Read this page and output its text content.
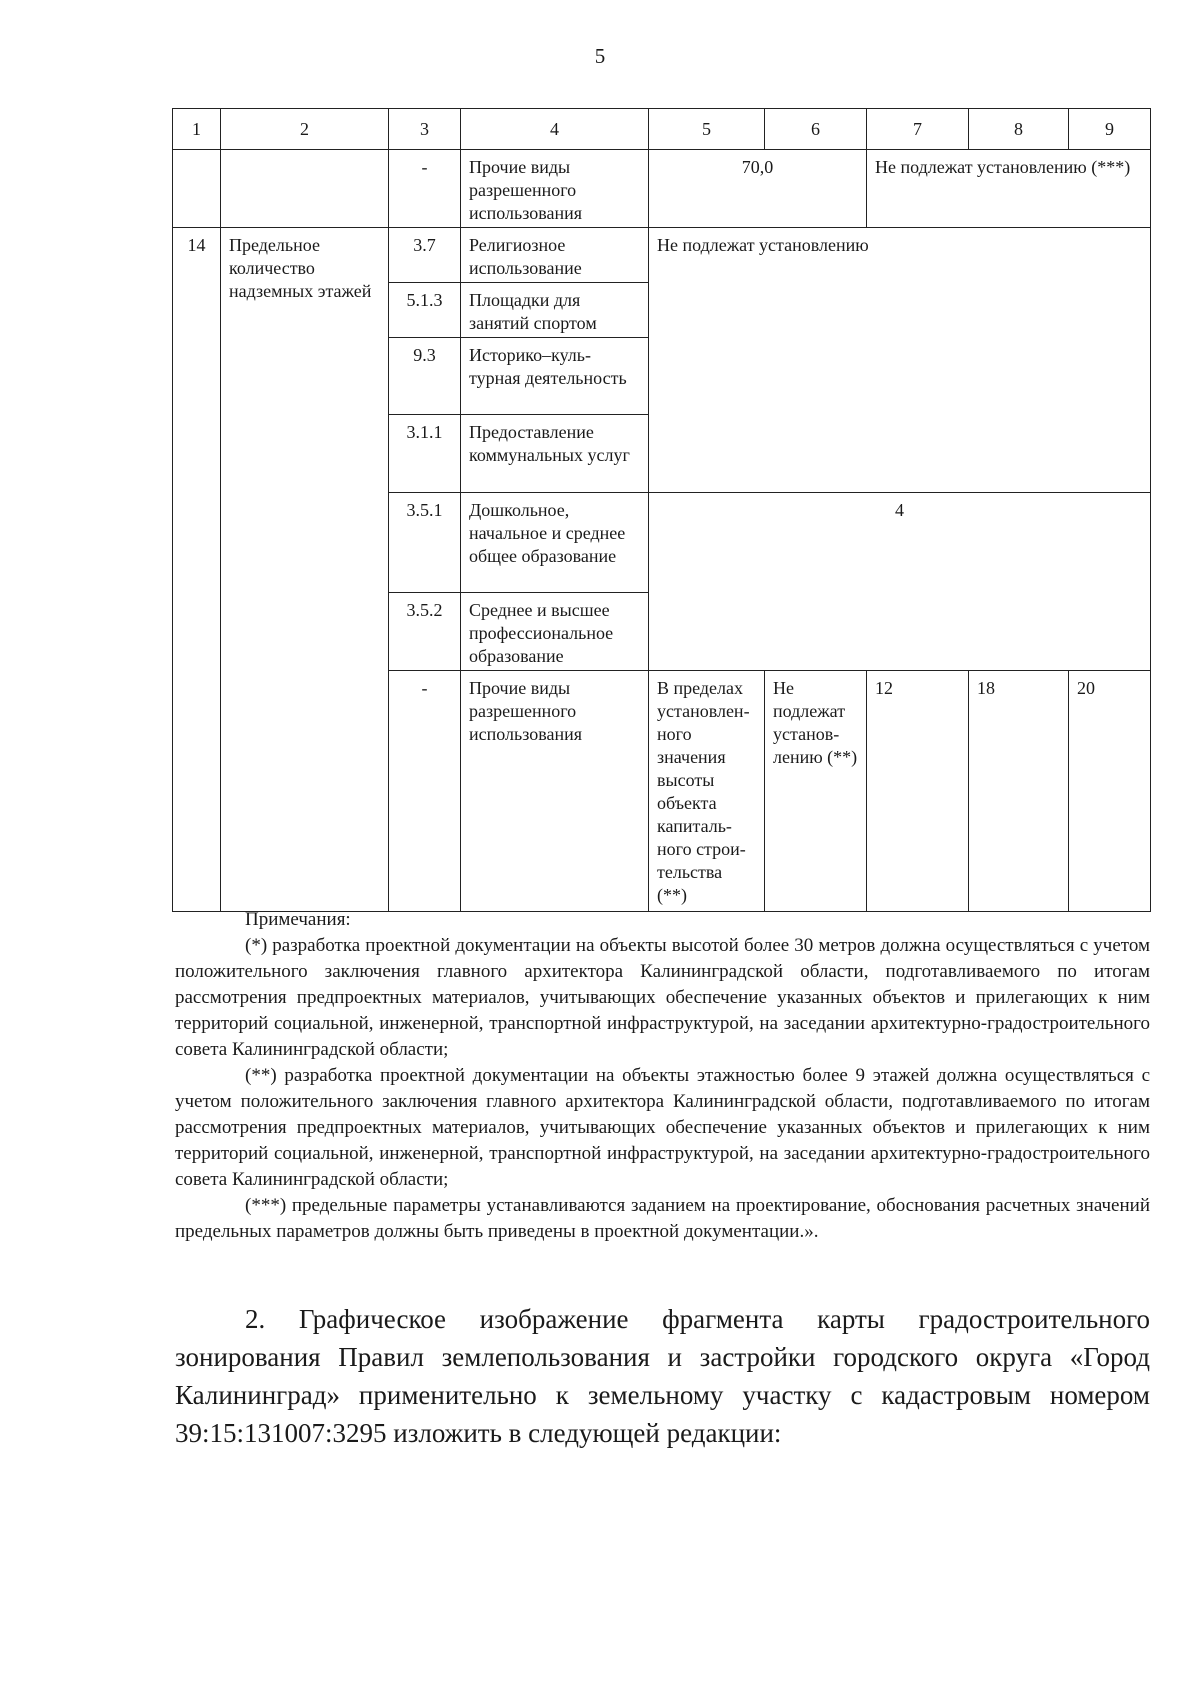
5
1	2	3	4	5	6	7	8	9
		-	Прочие виды разрешенного использования	70,0		Не подлежат установлению (***)		
14	Предельное количество надземных этажей	3.7	Религиозное использование	Не подлежат установлению				
		5.1.3	Площадки для занятий спортом					
		9.3	Историко–куль-турная деятельность					
		3.1.1	Предоставление коммунальных услуг					
		3.5.1	Дошкольное, начальное и среднее общее образование	4				
		3.5.2	Среднее и высшее профессиональное образование					
		-	Прочие виды разрешенного использования	В пределах установлен-ного значения высоты объекта капиталь-ного строи-тельства (**)	Не подлежат установ-лению (**)	12	18	20

Примечания:

(*) разработка проектной документации на объекты высотой более 30 метров должна осуществляться с учетом положительного заключения главного архитектора Калининградской области, подготавливаемого по итогам рассмотрения предпроектных материалов, учитывающих обеспечение указанных объектов и прилегающих к ним территорий социальной, инженерной, транспортной инфраструктурой, на заседании архитектурно-градостроительного совета Калининградской области;

(**) разработка проектной документации на объекты этажностью более 9 этажей должна осуществляться с учетом положительного заключения главного архитектора Калининградской области, подготавливаемого по итогам рассмотрения предпроектных материалов, учитывающих обеспечение указанных объектов и прилегающих к ним территорий социальной, инженерной, транспортной инфраструктурой, на заседании архитектурно-градостроительного совета Калининградской области;

(***) предельные параметры устанавливаются заданием на проектирование, обоснования расчетных значений предельных параметров должны быть приведены в проектной документации.».

2. Графическое изображение фрагмента карты градостроительного зонирования Правил землепользования и застройки городского округа «Город Калининград» применительно к земельному участку с кадастровым номером 39:15:131007:3295 изложить в следующей редакции:
